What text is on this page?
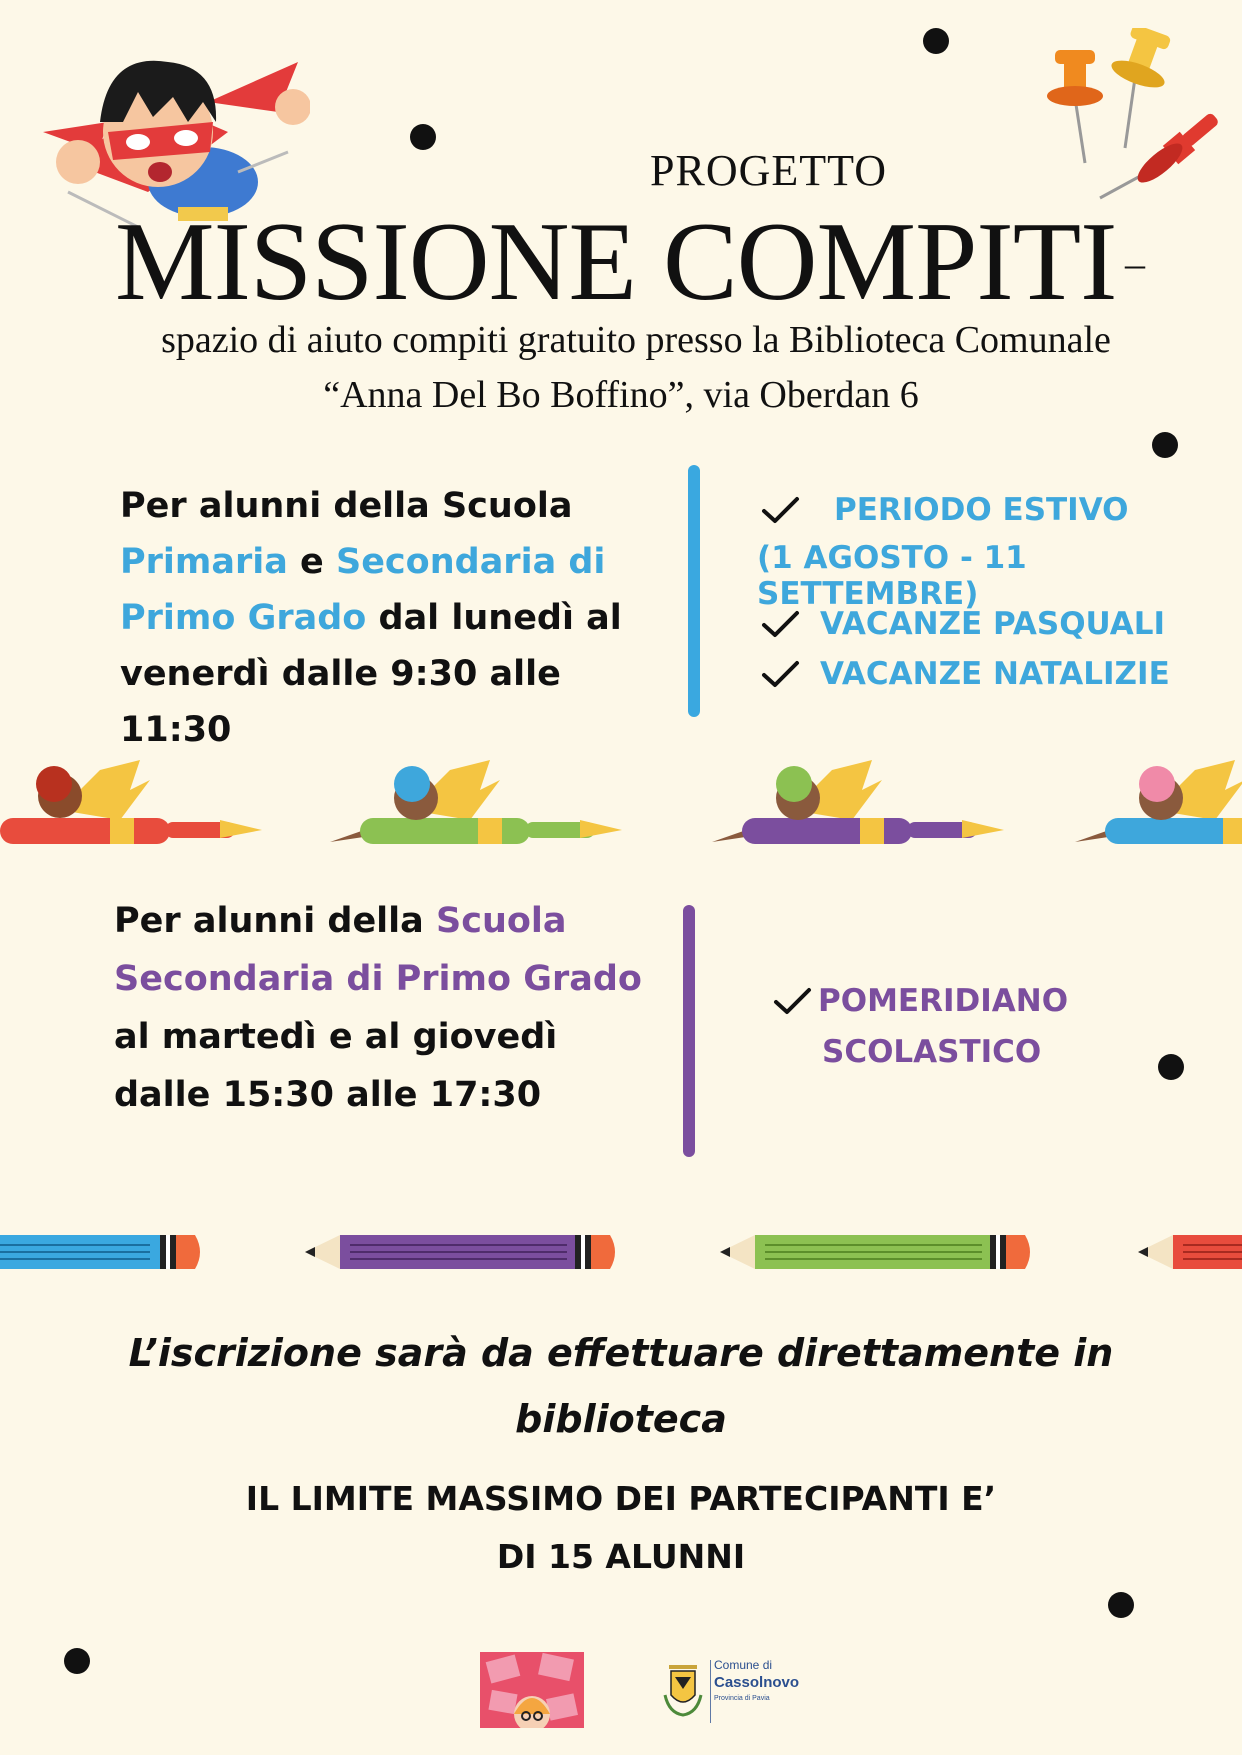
PROGETTO
MISSIONE COMPITI –
spazio di aiuto compiti gratuito presso la Biblioteca Comunale
“Anna Del Bo Boffino”, via Oberdan 6
Per alunni della Scuola
Primaria e Secondaria di
Primo Grado dal lunedì al
venerdì dalle 9:30 alle 11:30
PERIODO ESTIVO
(1 AGOSTO - 11 SETTEMBRE)
VACANZE PASQUALI
VACANZE NATALIZIE
Per alunni della Scuola
Secondaria di Primo Grado
al martedì e al giovedì
dalle 15:30 alle 17:30
POMERIDIANO
SCOLASTICO
L’iscrizione sarà da effettuare direttamente in
biblioteca
IL LIMITE MASSIMO DEI PARTECIPANTI E’
DI 15 ALUNNI
Comune di
Cassolnovo
Provincia di Pavia
